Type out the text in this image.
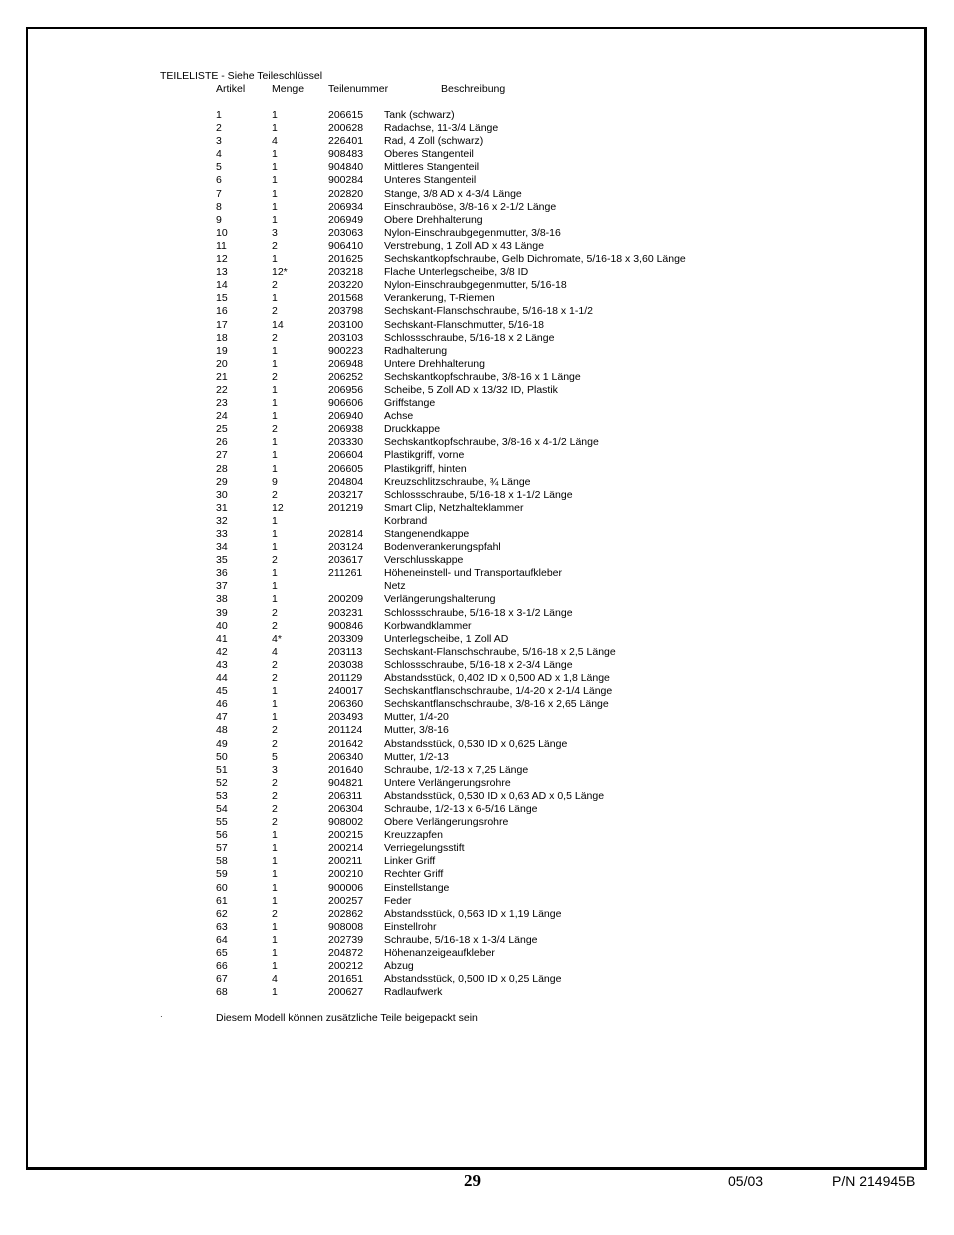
TEILELISTE - Siehe Teileschlüssel
Artikel	Menge Teilenummer	Beschreibung
1	1	206615 Tank (schwarz)
2	1	200628 Radachse, 11-3/4 Länge
3	4	226401 Rad, 4 Zoll (schwarz)
4	1	908483 Oberes Stangenteil
5	1	904840 Mittleres Stangenteil
6	1	900284 Unteres Stangenteil
7	1	202820 Stange, 3/8 AD x 4-3/4 Länge
8	1	206934 Einschrauböse, 3/8-16 x 2-1/2 Länge
9	1	206949 Obere Drehhalterung
10	3	203063 Nylon-Einschraubgegenmutter, 3/8-16
11	2	906410 Verstrebung, 1 Zoll AD x 43 Länge
12	1	201625 Sechskantkopfschraube, Gelb Dichromate, 5/16-18 x 3,60 Länge
13	12*	203218 Flache Unterlegscheibe, 3/8 ID
14	2	203220 Nylon-Einschraubgegenmutter, 5/16-18
15	1	201568 Verankerung, T-Riemen
16	2	203798 Sechskant-Flanschschraube, 5/16-18 x 1-1/2
17	14	203100 Sechskant-Flanschmutter, 5/16-18
18	2	203103 Schlossschraube, 5/16-18 x 2 Länge
19	1	900223 Radhalterung
20	1	206948 Untere Drehhalterung
21	2	206252 Sechskantkopfschraube, 3/8-16 x 1 Länge
22	1	206956 Scheibe, 5 Zoll AD x 13/32 ID, Plastik
23	1	906606 Griffstange
24	1	206940 Achse
25	2	206938 Druckkappe
26	1	203330 Sechskantkopfschraube, 3/8-16 x 4-1/2 Länge
27	1	206604 Plastikgriff, vorne
28	1	206605 Plastikgriff, hinten
29	9	204804 Kreuzschlitzschraube, ¾ Länge
30	2	203217 Schlossschraube, 5/16-18 x 1-1/2 Länge
31	12	201219 Smart Clip, Netzhalteklammer
32	1	Korbrand
33	1	202814 Stangenendkappe
34	1	203124 Bodenverankerungspfahl
35	2	203617 Verschlusskappe
36	1	211261 Höheneinstell- und Transportaufkleber
37	1	Netz
38	1	200209 Verlängerungshalterung
39	2	203231 Schlossschraube, 5/16-18 x 3-1/2 Länge
40	2	900846 Korbwandklammer
41	4*	203309 Unterlegscheibe, 1 Zoll AD
42	4	203113 Sechskant-Flanschschraube, 5/16-18 x 2,5 Länge
43	2	203038 Schlossschraube, 5/16-18 x 2-3/4 Länge
44	2	201129 Abstandsstück, 0,402 ID x 0,500 AD x 1,8 Länge
45	1	240017 Sechskantflanschschraube, 1/4-20 x 2-1/4 Länge
46	1	206360 Sechskantflanschschraube, 3/8-16 x 2,65 Länge
47	1	203493 Mutter, 1/4-20
48	2	201124 Mutter, 3/8-16
49	2	201642 Abstandsstück, 0,530 ID x 0,625 Länge
50	5	206340 Mutter, 1/2-13
51	3	201640 Schraube, 1/2-13 x 7,25 Länge
52	2	904821 Untere Verlängerungsrohre
53	2	206311 Abstandsstück, 0,530 ID x 0,63 AD x 0,5 Länge
54	2	206304 Schraube, 1/2-13 x 6-5/16 Länge
55	2	908002 Obere Verlängerungsrohre
56	1	200215 Kreuzzapfen
57	1	200214 Verriegelungsstift
58	1	200211 Linker Griff
59	1	200210 Rechter Griff
60	1	900006 Einstellstange
61	1	200257 Feder
62	2	202862 Abstandsstück, 0,563 ID x 1,19 Länge
63	1	908008 Einstellrohr
64	1	202739 Schraube, 5/16-18 x 1-3/4 Länge
65	1	204872 Höhenanzeigeaufkleber
66	1	200212 Abzug
67	4	201651 Abstandsstück, 0,500 ID x 0,25 Länge
68	1	200627 Radlaufwerk
·	Diesem Modell können zusätzliche Teile beigepackt sein
29	05/03	P/N 214945B
